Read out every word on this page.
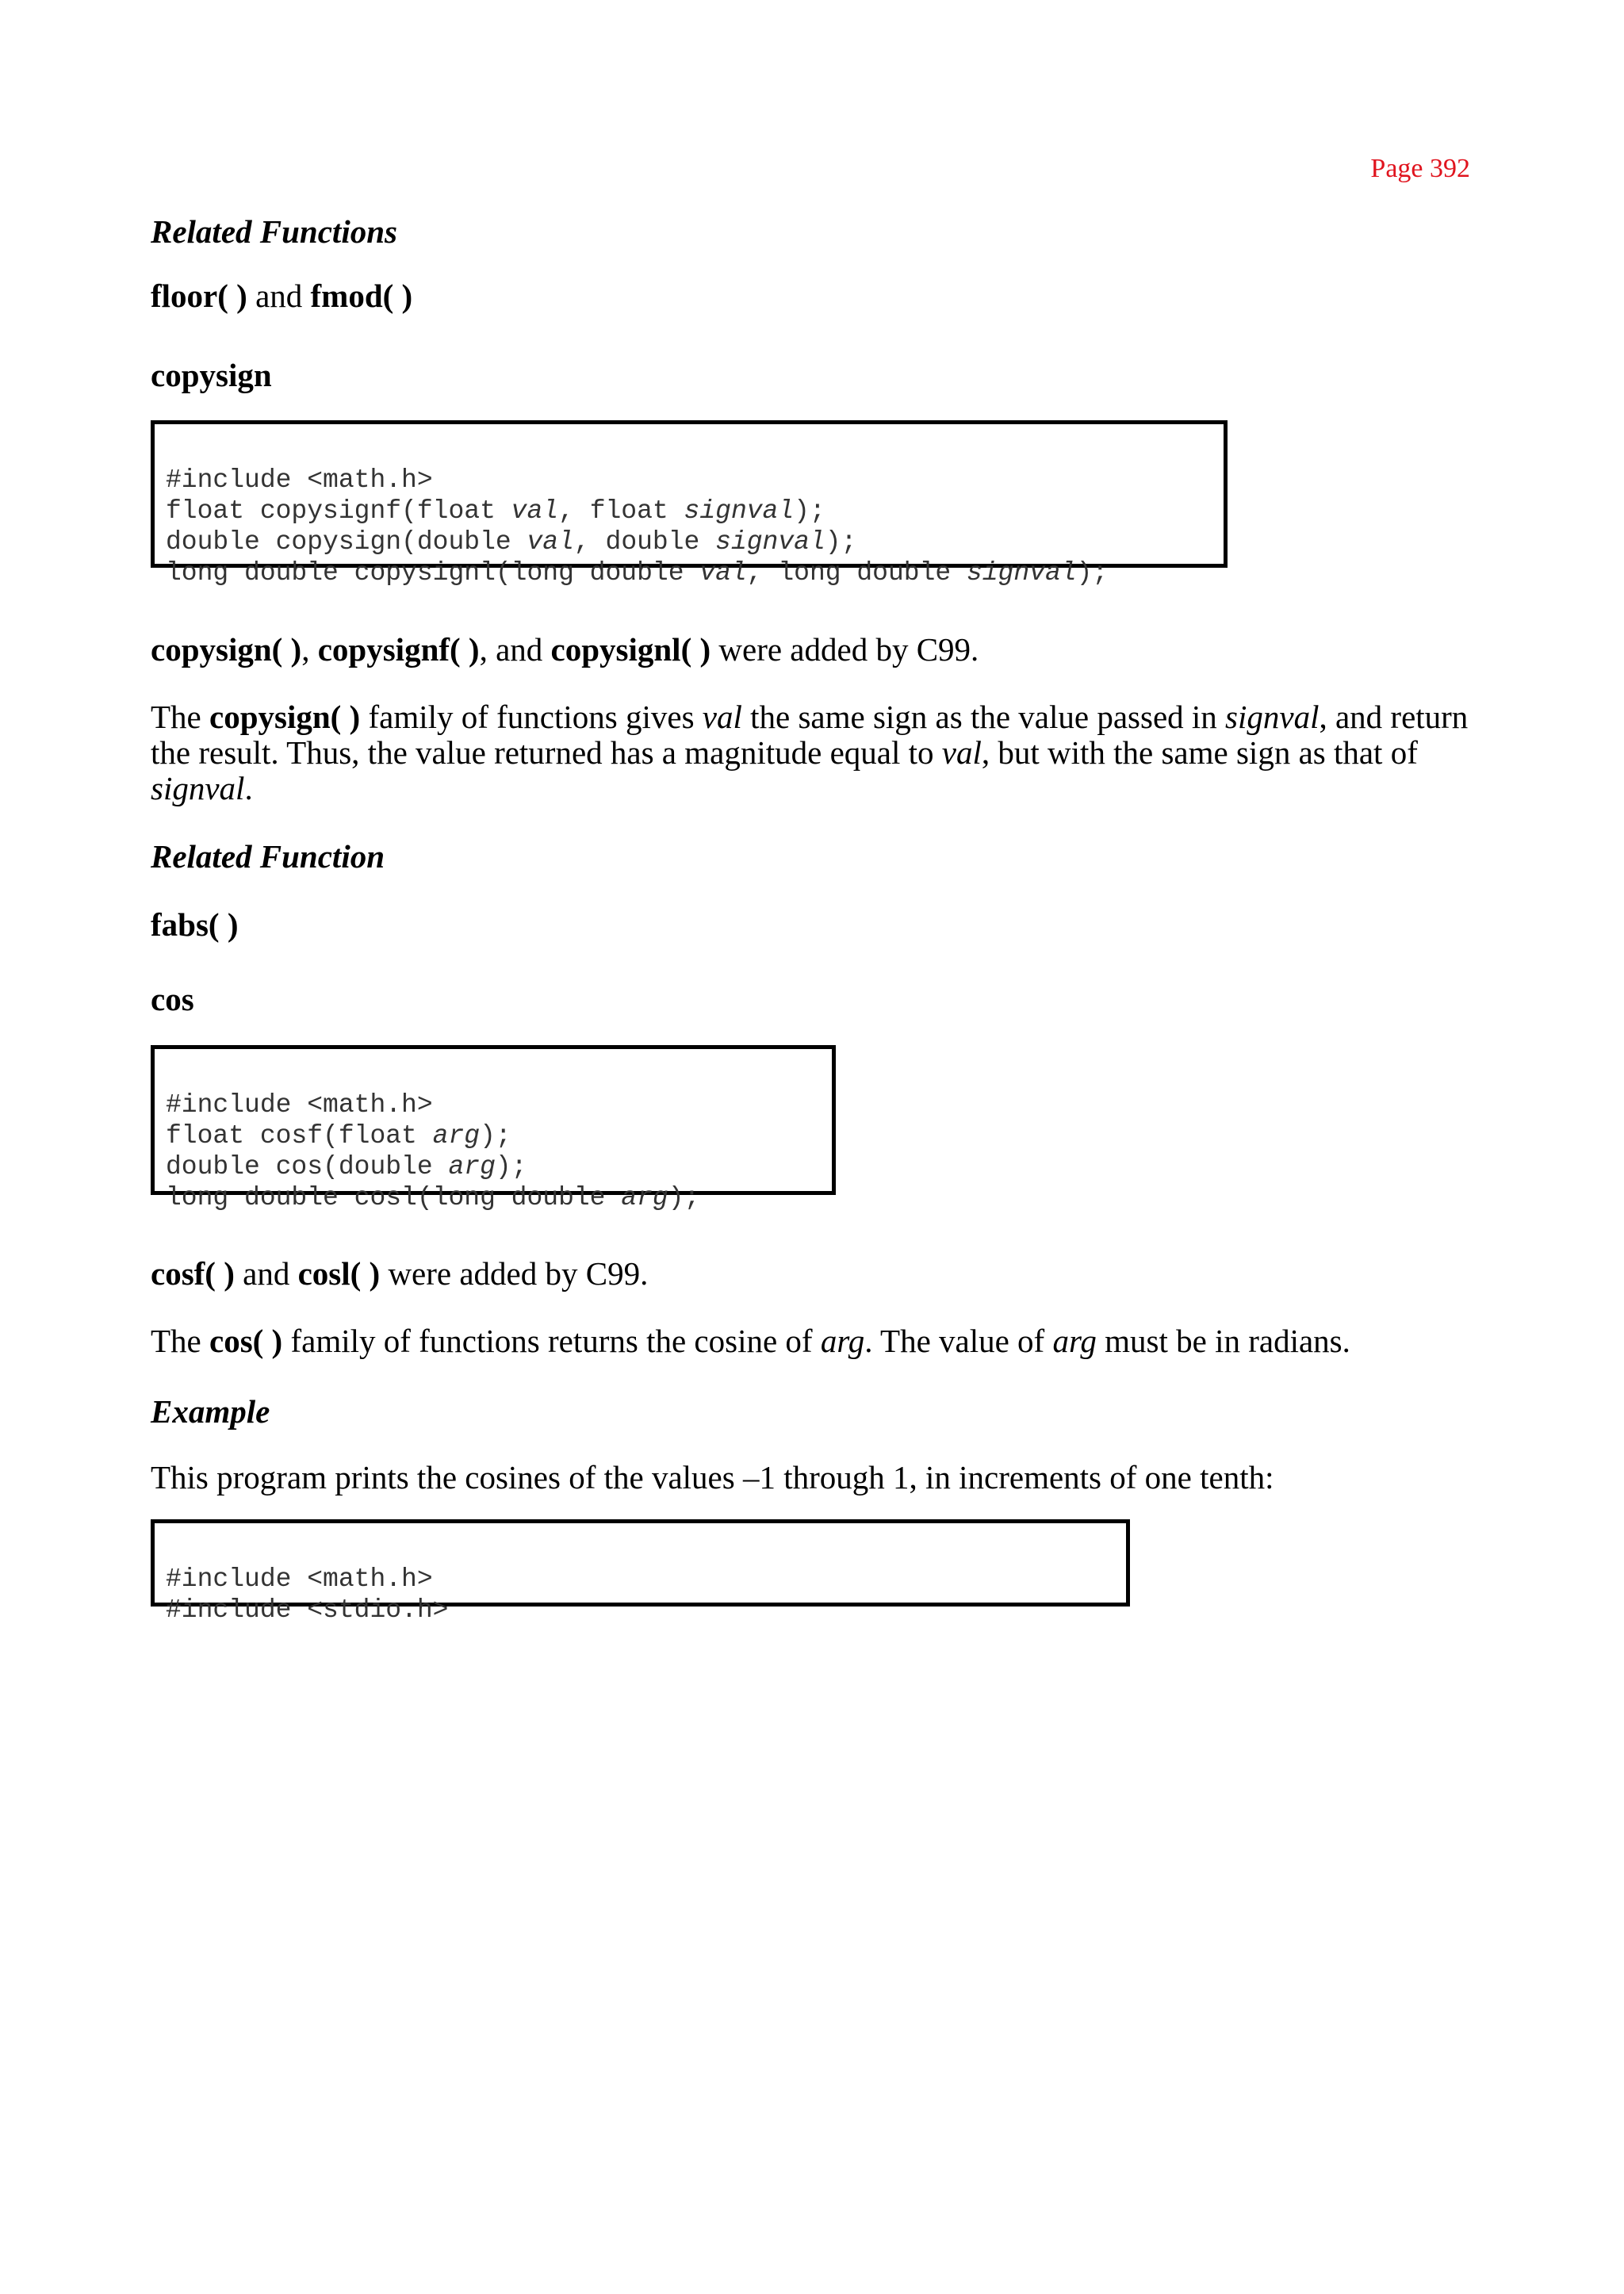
Page 392
Related Functions
floor( ) and fmod( )
copysign

#include <math.h>
float copysignf(float val, float signval);
double copysign(double val, double signval);
long double copysignl(long double val, long double signval);

copysign( ), copysignf( ), and copysignl( ) were added by C99.
The copysign( ) family of functions gives val the same sign as the value passed in signval, and return the result. Thus, the value returned has a magnitude equal to val, but with the same sign as that of signval.
Related Function
fabs( )
cos

#include <math.h>
float cosf(float arg);
double cos(double arg);
long double cosl(long double arg);

cosf( ) and cosl( ) were added by C99.
The cos( ) family of functions returns the cosine of arg. The value of arg must be in radians.
Example
This program prints the cosines of the values –1 through 1, in increments of one tenth:

#include <math.h>
#include <stdio.h>
